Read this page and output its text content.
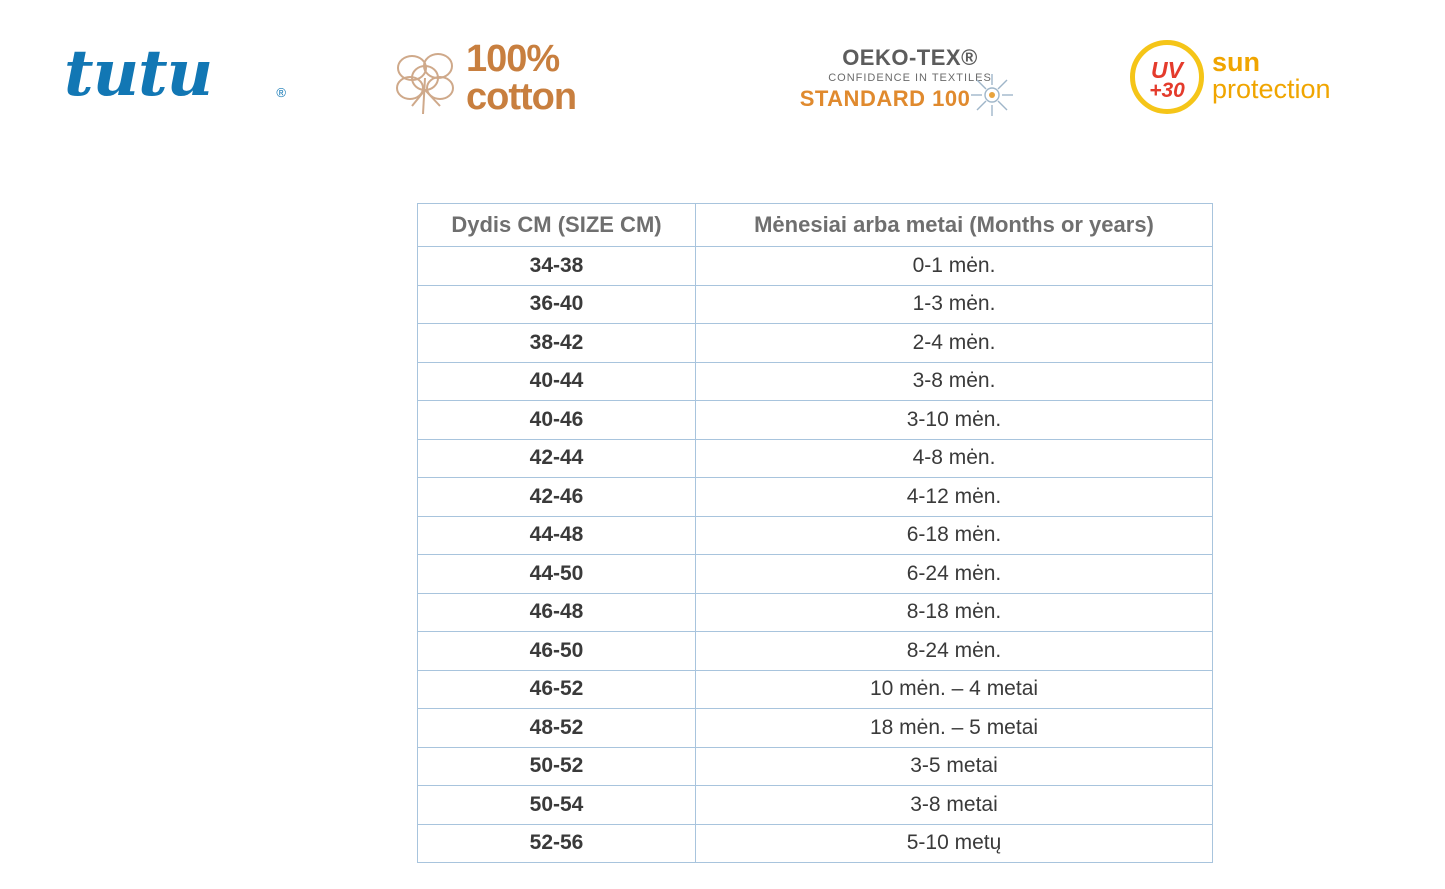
tutu	®
100%
cotton
OEKO-TEX®
CONFIDENCE IN TEXTILES
STANDARD 100
UV
+30
sun
protection
Dydis CM (SIZE CM)	Mėnesiai arba metai (Months or years)
34-38	0-1 mėn.
36-40	1-3 mėn.
38-42	2-4 mėn.
40-44	3-8 mėn.
40-46	3-10 mėn.
42-44	4-8 mėn.
42-46	4-12 mėn.
44-48	6-18 mėn.
44-50	6-24 mėn.
46-48	8-18 mėn.
46-50	8-24 mėn.
46-52	10 mėn. – 4 metai
48-52	18 mėn. – 5 metai
50-52	3-5 metai
50-54	3-8 metai
52-56	5-10 metų
